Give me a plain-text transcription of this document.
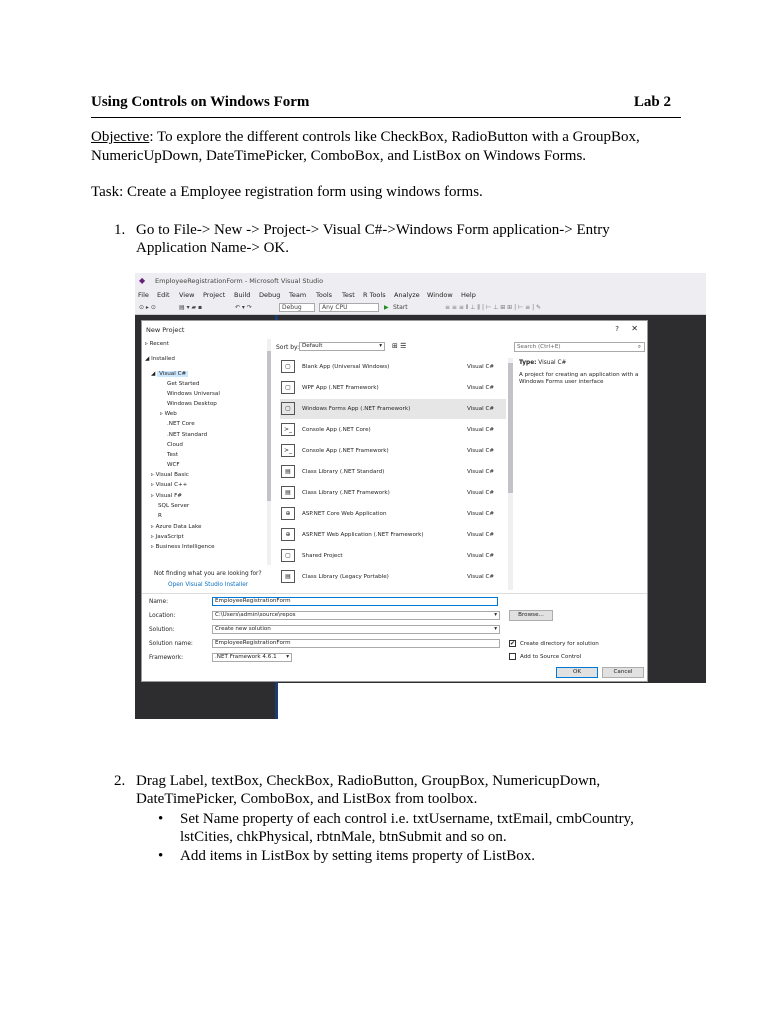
Using Controls on Windows Form	Lab 2

Objective: To explore the different controls like CheckBox, RadioButton with a GroupBox, NumericUpDown, DateTimePicker, ComboBox, and ListBox on Windows Forms.

Task: Create a Employee registration form using windows forms.

1. Go to File-> New -> Project-> Visual C#->Windows Form application-> Entry Application Name-> OK.
◆ EmployeeRegistrationForm - Microsoft Visual Studio
File Edit View Project Build Debug Team Tools Test R Tools Analyze Window Help
⊙ ▸ ⊙	▤ ▾ ▰ ▪	↶ ▾ ↷	Debug	Any CPU	▶ Start	≡ ≡ ≡ ⫴ ⊥ ⫼ | ⊢ ⊥ ⊞ ⊞ | ⊢ ≡ | ✎
New Project	? ✕
▹ Recent
◢ Installed
◢ Visual C#
Get Started
Windows Universal
Windows Desktop
▹ Web
.NET Core
.NET Standard
Cloud
Test
WCF
▹ Visual Basic
▹ Visual C++
▹ Visual F#
SQL Server
R
▹ Azure Data Lake
▹ JavaScript
▹ Business Intelligence
Not finding what you are looking for?
Open Visual Studio Installer
Sort by: Default	▾ ⊞ ☰
▢	Blank App (Universal Windows)	Visual C#
▢	WPF App (.NET Framework)	Visual C#
▢	Windows Forms App (.NET Framework)	Visual C#
>_	Console App (.NET Core)	Visual C#
>_	Console App (.NET Framework)	Visual C#
▤	Class Library (.NET Standard)	Visual C#
▤	Class Library (.NET Framework)	Visual C#
⊕	ASP.NET Core Web Application	Visual C#
⊕	ASP.NET Web Application (.NET Framework)	Visual C#
▢	Shared Project	Visual C#
▤	Class Library (Legacy Portable)	Visual C#
Search (Ctrl+E)	⌕
Type: Visual C#
A project for creating an application with a Windows Forms user interface
Name:	EmployeeRegistrationForm
Location:	C:\Users\admin\source\repos	▾	Browse...
Solution:	Create new solution	▾
Solution name:	EmployeeRegistrationForm	✔ Create directory for solution
Framework:	.NET Framework 4.6.1 ▾	Add to Source Control
OK	Cancel
2. Drag Label, textBox, CheckBox, RadioButton, GroupBox, NumericupDown, DateTimePicker, ComboBox, and ListBox from toolbox.
• Set Name property of each control i.e. txtUsername, txtEmail, cmbCountry, lstCities, chkPhysical, rbtnMale, btnSubmit and so on.
• Add items in ListBox by setting items property of ListBox.
